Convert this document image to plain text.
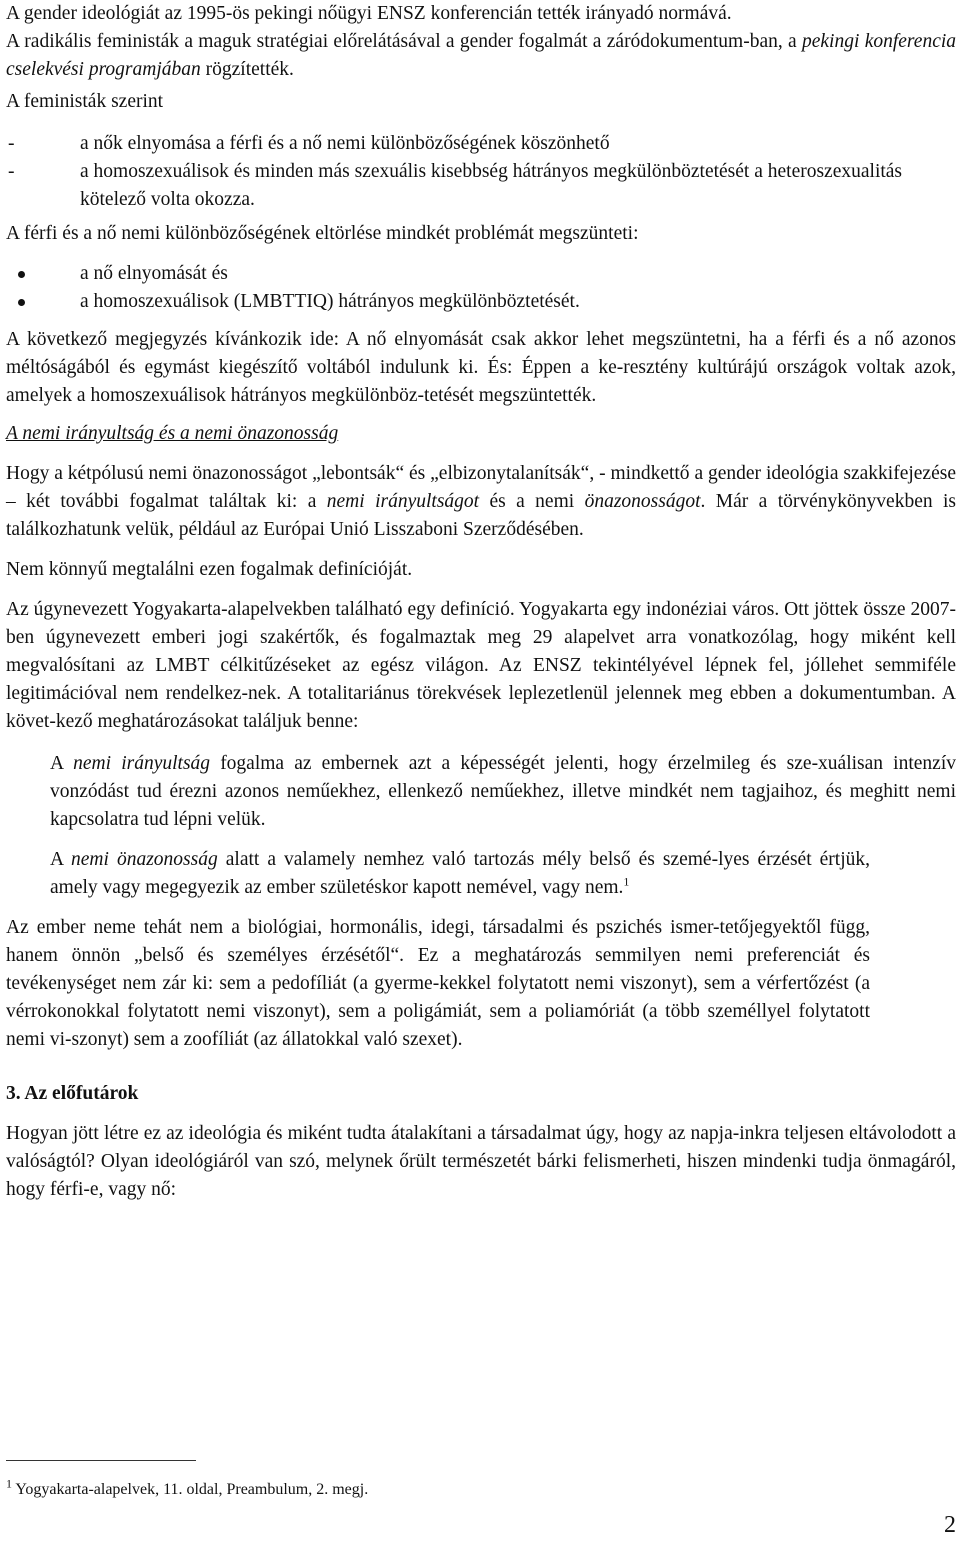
A gender ideológiát az 1995-ös pekingi nőügyi ENSZ konferencián tették irányadó normává.

A radikális feministák a maguk stratégiai előrelátásával a gender fogalmát a záródokumentum-ban, a pekingi konferencia cselekvési programjában rögzítették.

A feministák szerint

-	a nők elnyomása a férfi és a nő nemi különbözőségének köszönhető
-	a homoszexuálisok és minden más szexuális kisebbség hátrányos megkülönböztetését a heteroszexualitás kötelező volta okozza.

A férfi és a nő nemi különbözőségének eltörlése mindkét problémát megszünteti:

a nő elnyomását és
a homoszexuálisok (LMBTTIQ) hátrányos megkülönböztetését.

A következő megjegyzés kívánkozik ide: A nő elnyomását csak akkor lehet megszüntetni, ha a férfi és a nő azonos méltóságából és egymást kiegészítő voltából indulunk ki. És: Éppen a ke-resztény kultúrájú országok voltak azok, amelyek a homoszexuálisok hátrányos megkülönböz-tetését megszüntették.

A nemi irányultság és a nemi önazonosság

Hogy a kétpólusú nemi önazonosságot „lebontsák“ és „elbizonytalanítsák“, - mindkettő a gender ideológia szakkifejezése – két további fogalmat találtak ki: a nemi irányultságot és a nemi önazonosságot. Már a törvénykönyvekben is találkozhatunk velük, például az Európai Unió Lisszaboni Szerződésében.

Nem könnyű megtalálni ezen fogalmak definícióját.

Az úgynevezett Yogyakarta-alapelvekben található egy definíció. Yogyakarta egy indonéziai város. Ott jöttek össze 2007-ben úgynevezett emberi jogi szakértők, és fogalmaztak meg 29 alapelvet arra vonatkozólag, hogy miként kell megvalósítani az LMBT célkitűzéseket az egész világon. Az ENSZ tekintélyével lépnek fel, jóllehet semmiféle legitimációval nem rendelkez-nek. A totalitariánus törekvések leplezetlenül jelennek meg ebben a dokumentumban. A követ-kező meghatározásokat találjuk benne:

A nemi irányultság fogalma az embernek azt a képességét jelenti, hogy érzelmileg és sze-xuálisan intenzív vonzódást tud érezni azonos neműekhez, ellenkező neműekhez, illetve mindkét nem tagjaihoz, és meghitt nemi kapcsolatra tud lépni velük.

A nemi önazonosság alatt a valamely nemhez való tartozás mély belső és szemé-lyes érzését értjük, amely vagy megegyezik az ember születéskor kapott nemével, vagy nem.$^1$

Az ember neme tehát nem a biológiai, hormonális, idegi, társadalmi és pszichés ismer-tetőjegyektől függ, hanem önnön „belső és személyes érzésétől“. Ez a meghatározás semmilyen nemi preferenciát és tevékenységet nem zár ki: sem a pedofíliát (a gyerme-kekkel folytatott nemi viszonyt), sem a vérfertőzést (a vérrokonokkal folytatott nemi viszonyt), sem a poligámiát, sem a poliamóriát (a több személlyel folytatott nemi vi-szonyt) sem a zoofíliát (az állatokkal való szexet).

3. Az előfutárok

Hogyan jött létre ez az ideológia és miként tudta átalakítani a társadalmat úgy, hogy az napja-inkra teljesen eltávolodott a valóságtól? Olyan ideológiáról van szó, melynek őrült természetét bárki felismerheti, hiszen mindenki tudja önmagáról, hogy férfi-e, vagy nő:

$^1$ Yogyakarta-alapelvek, 11. oldal, Preambulum, 2. megj.

2
